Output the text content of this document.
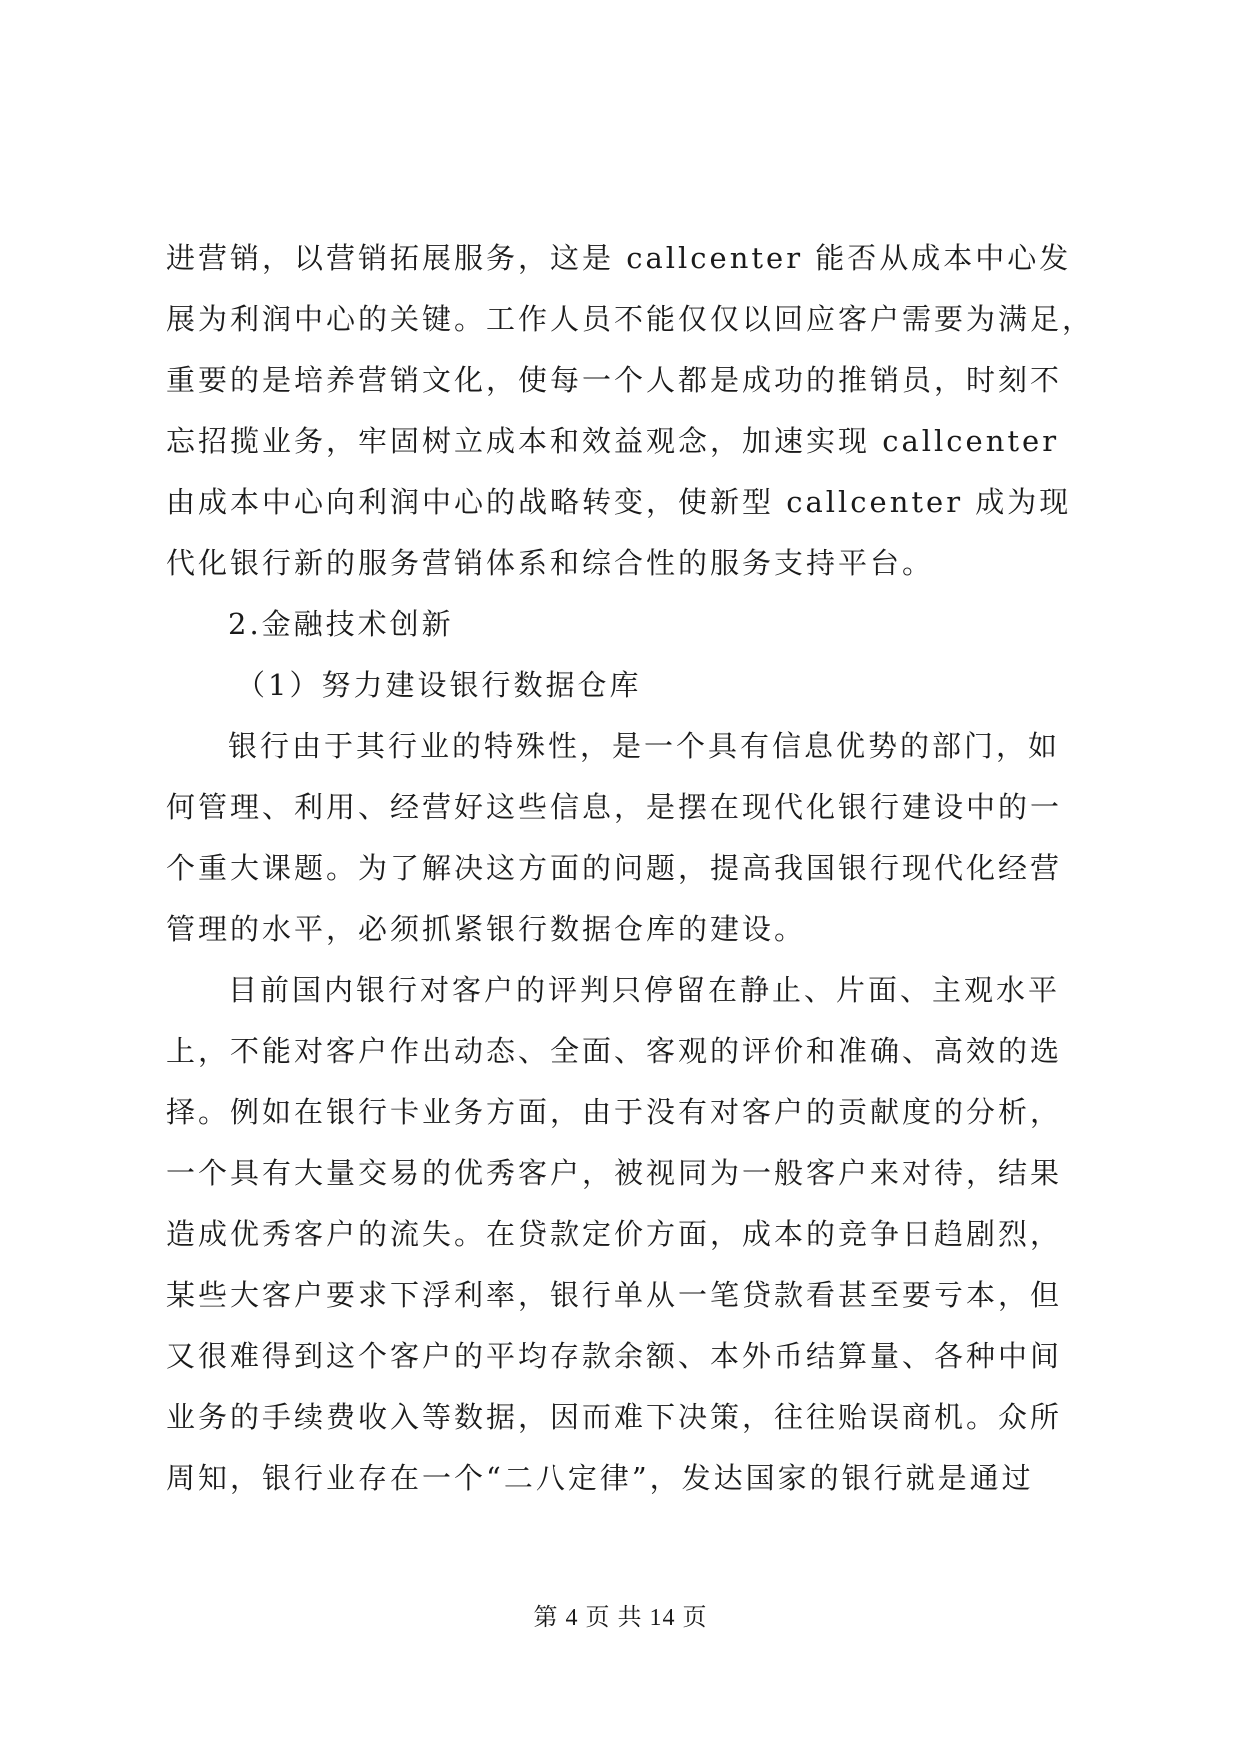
进营销，以营销拓展服务，这是 callcenter 能否从成本中心发
展为利润中心的关键。工作人员不能仅仅以回应客户需要为满足，
重要的是培养营销文化，使每一个人都是成功的推销员，时刻不
忘招揽业务，牢固树立成本和效益观念，加速实现 callcenter
由成本中心向利润中心的战略转变，使新型 callcenter 成为现
代化银行新的服务营销体系和综合性的服务支持平台。
2.金融技术创新
（1）努力建设银行数据仓库
银行由于其行业的特殊性，是一个具有信息优势的部门，如
何管理、利用、经营好这些信息，是摆在现代化银行建设中的一
个重大课题。为了解决这方面的问题，提高我国银行现代化经营
管理的水平，必须抓紧银行数据仓库的建设。
目前国内银行对客户的评判只停留在静止、片面、主观水平
上，不能对客户作出动态、全面、客观的评价和准确、高效的选
择。例如在银行卡业务方面，由于没有对客户的贡献度的分析，
一个具有大量交易的优秀客户，被视同为一般客户来对待，结果
造成优秀客户的流失。在贷款定价方面，成本的竞争日趋剧烈，
某些大客户要求下浮利率，银行单从一笔贷款看甚至要亏本，但
又很难得到这个客户的平均存款余额、本外币结算量、各种中间
业务的手续费收入等数据，因而难下决策，往往贻误商机。众所
周知，银行业存在一个“二八定律”，发达国家的银行就是通过
第 4 页 共 14 页
